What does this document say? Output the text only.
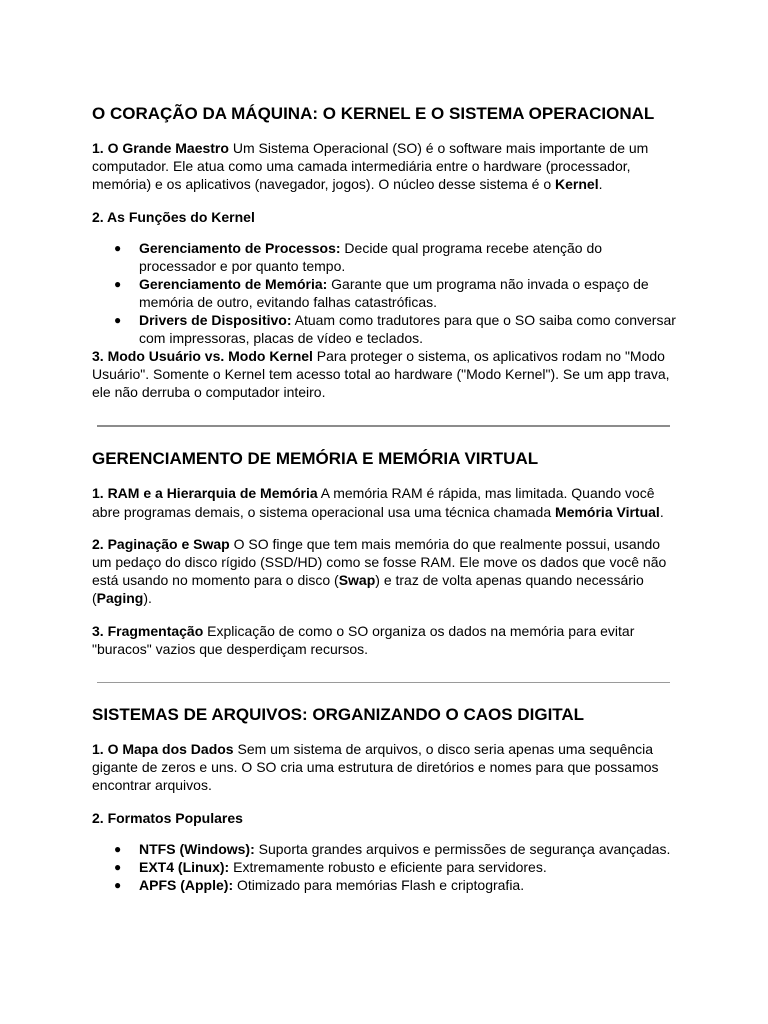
O CORAÇÃO DA MÁQUINA: O KERNEL E O SISTEMA OPERACIONAL

1. O Grande Maestro Um Sistema Operacional (SO) é o software mais importante de um computador. Ele atua como uma camada intermediária entre o hardware (processador, memória) e os aplicativos (navegador, jogos). O núcleo desse sistema é o Kernel.

2. As Funções do Kernel

● Gerenciamento de Processos: Decide qual programa recebe atenção do processador e por quanto tempo.
● Gerenciamento de Memória: Garante que um programa não invada o espaço de memória de outro, evitando falhas catastróficas.
● Drivers de Dispositivo: Atuam como tradutores para que o SO saiba como conversar com impressoras, placas de vídeo e teclados.

3. Modo Usuário vs. Modo Kernel Para proteger o sistema, os aplicativos rodam no "Modo Usuário". Somente o Kernel tem acesso total ao hardware ("Modo Kernel"). Se um app trava, ele não derruba o computador inteiro.

GERENCIAMENTO DE MEMÓRIA E MEMÓRIA VIRTUAL

1. RAM e a Hierarquia de Memória A memória RAM é rápida, mas limitada. Quando você abre programas demais, o sistema operacional usa uma técnica chamada Memória Virtual.

2. Paginação e Swap O SO finge que tem mais memória do que realmente possui, usando um pedaço do disco rígido (SSD/HD) como se fosse RAM. Ele move os dados que você não está usando no momento para o disco (Swap) e traz de volta apenas quando necessário (Paging).

3. Fragmentação Explicação de como o SO organiza os dados na memória para evitar "buracos" vazios que desperdiçam recursos.

SISTEMAS DE ARQUIVOS: ORGANIZANDO O CAOS DIGITAL

1. O Mapa dos Dados Sem um sistema de arquivos, o disco seria apenas uma sequência gigante de zeros e uns. O SO cria uma estrutura de diretórios e nomes para que possamos encontrar arquivos.

2. Formatos Populares

● NTFS (Windows): Suporta grandes arquivos e permissões de segurança avançadas.
● EXT4 (Linux): Extremamente robusto e eficiente para servidores.
● APFS (Apple): Otimizado para memórias Flash e criptografia.
